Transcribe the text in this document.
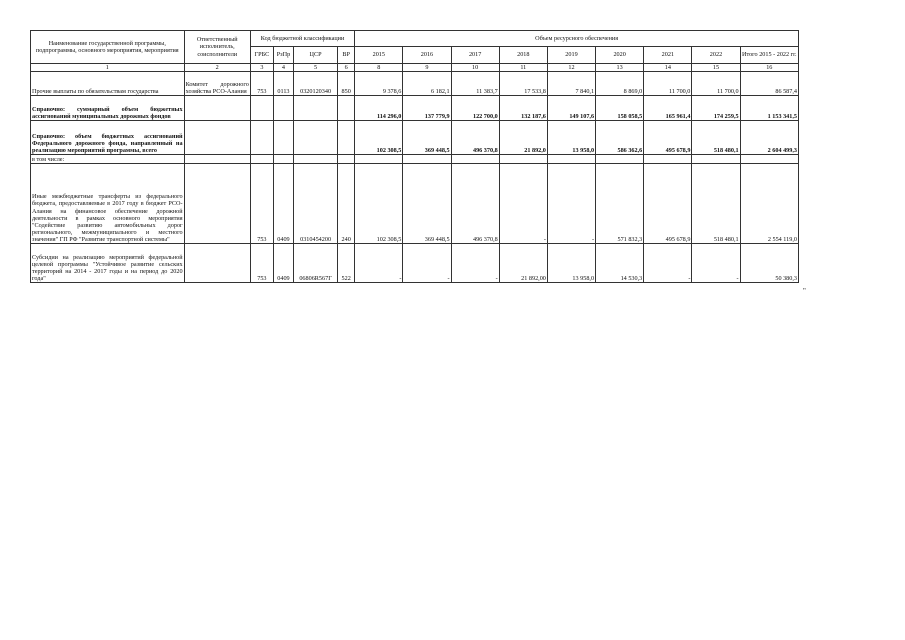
Наименование государственной программы, подпрограммы, основного мероприятия, мероприятия	Ответственный исполнитель, соисполнители	Код бюджетной классификации				Объем ресурсного обеспечения								
		ГРБС	РзПр	ЦСР	ВР	2015	2016	2017	2018	2019	2020	2021	2022	Итого 2015 - 2022 гг.
1	2	3	4	5	6	8	9	10	11	12	13	14	15	16
Прочие выплаты по обязательствам государства	Комитет дорожного хозяйства РСО-Алания	753	0113	0320120340	850	9 378,6	6 182,1	11 383,7	17 533,8	7 840,1	8 869,0	11 700,0	11 700,0	86 587,4
Справочно: суммарный объем бюджетных ассигнований муниципальных дорожных фондов						114 296,0	137 779,9	122 700,0	132 187,6	149 107,6	158 058,5	165 961,4	174 259,5	1 153 341,5
Справочно: объем бюджетных ассигнований Федерального дорожного фонда, направленный на реализацию мероприятий программы, всего						102 308,5	369 448,5	496 370,8	21 892,0	13 958,0	586 362,6	495 678,9	518 480,1	2 604 499,3
в том числе:														
Иные межбюджетные трансферты из федерального бюджета, предоставляемые в 2017 году в бюджет РСО-Алания на финансовое обеспечение дорожной деятельности в рамках основного мероприятия "Содействие развитию автомобильных дорог регионального, межмуниципального и местного значения" ГП РФ "Развитие транспортной системы"		753	0409	0310454200	240	102 308,5	369 448,5	496 370,8	-	-	571 832,3	495 678,9	518 480,1	2 554 119,0
Субсидии на реализацию мероприятий федеральной целевой программы "Устойчивое развитие сельских территорий на 2014 - 2017 годы и на период до 2020 года"		753	0409	06806R567Г	522	-	-	-	21 892,00	13 958,0	14 530,3	-	-	50 380,3
"
